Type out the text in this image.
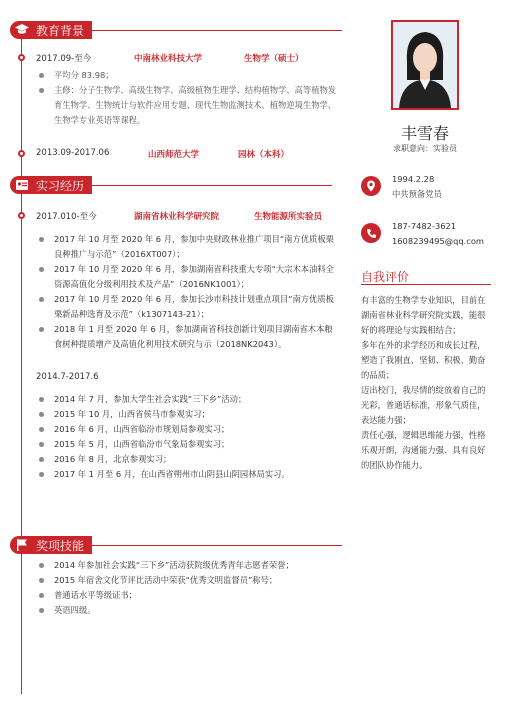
教育背景
2017.09-至今	中南林业科技大学	生物学（硕士）
平均分 83.98；
主修：分子生物学、高级生物学、高级植物生理学、结构植物学、高等植物发育生物学、生物统计与软件应用专题、现代生物监测技术、植物逆境生物学、生物学专业英语等课程。
2013.09-2017.06	山西师范大学	园林（本科）
实习经历
2017.010-至今	湖南省林业科学研究院	生物能源所实验员
2017 年 10 月至 2020 年 6 月，参加中央财政林业推广项目“南方优质板栗良种推广与示范”（2016XT007）；
2017 年 10 月至 2020 年 6 月，参加湖南省科技重大专项“大宗木本油料全资源高值化分级利用技术及产品”（2016NK1001）；
2017 年 10 月至 2020 年 6 月，参加长沙市科技计划重点项目“南方优质板栗新品种选育及示范”（k1307143-21）；
2018 年 1 月至 2020 年 6 月，参加湖南省科技创新计划项目湖南省木本粮食树种提质增产及高值化利用技术研究与示（2018NK2043）。
2014.7-2017.6
2014 年 7 月，参加大学生社会实践“三下乡”活动；
2015 年 10 月，山西省侯马市参观实习；
2016 年 6 月，山西省临汾市规划局参观实习；
2015 年 5 月，山西省临汾市气象局参观实习；
2016 年 8 月，北京参观实习；
2017 年 1 月至 6 月，在山西省朔州市山阴县山阴园林局实习。
奖项技能
2014 年参加社会实践“三下乡”活动获院级优秀青年志愿者荣誉；
2015 年宿舍文化节评比活动中荣获“优秀文明监督员”称号；
普通话水平等级证书；
英语四级。
丰雪春
求职意向：实验员
1994.2.28
中共预备党员
187-7482-3621
1608239495@qq.com
自我评价

有丰富的生物学专业知识，目前在湖南省林业科学研究院实践，能很好的将理论与实践相结合；

多年在外的求学经历和成长过程，塑造了我刚直、坚韧、积极、勤奋的品质；

迈出校门，我尽情的绽放着自己的光彩，普通话标准，形象气质佳，表达能力强；

责任心强，逻辑思维能力强，性格乐观开朗，沟通能力强、具有良好的团队协作能力。
